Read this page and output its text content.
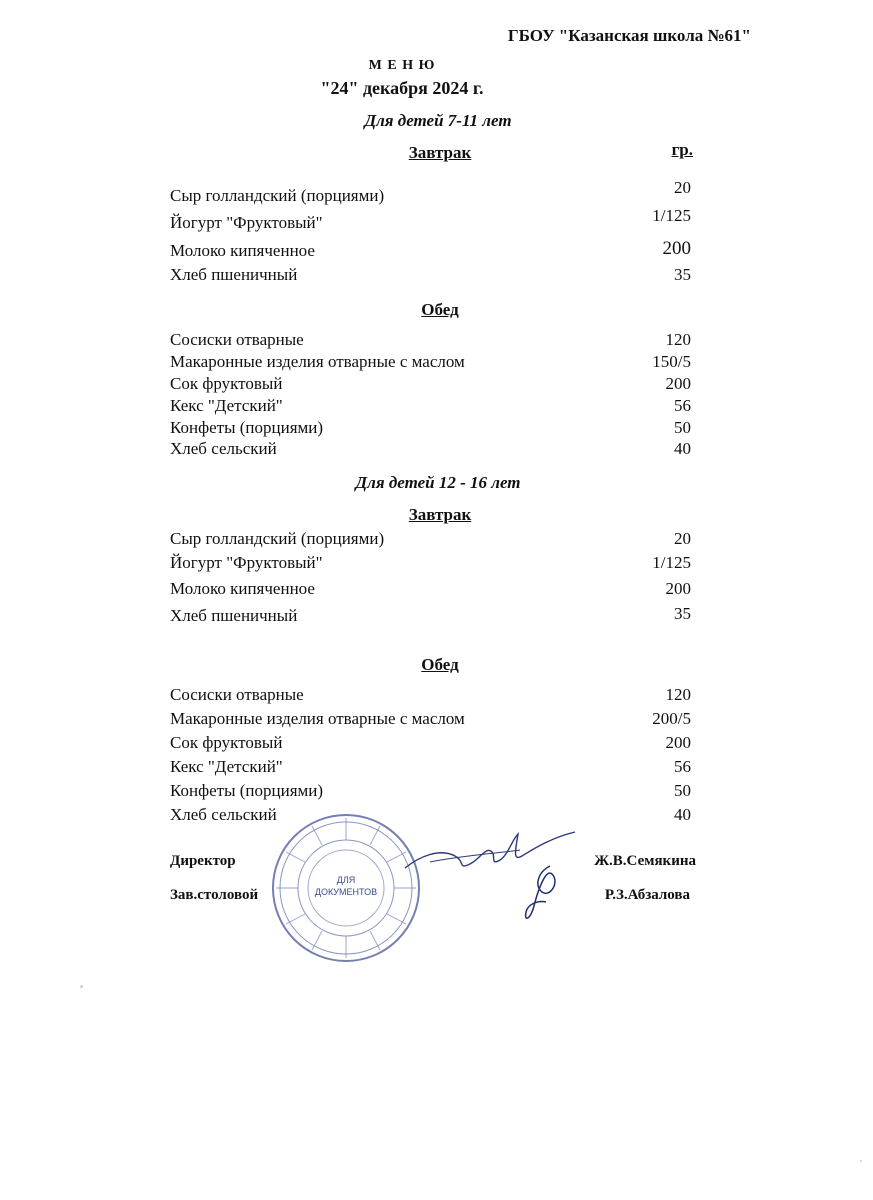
ГБОУ "Казанская школа №61"
М Е Н Ю
"24" декабря 2024 г.
Для детей 7-11 лет
Завтрак	гр.
Сыр голландский (порциями)	20
Йогурт "Фруктовый"	1/125
Молоко кипяченное	200
Хлеб пшеничный	35
Обед
Сосиски отварные	120
Макаронные изделия отварные с маслом	150/5
Сок фруктовый	200
Кекс "Детский"	56
Конфеты (порциями)	50
Хлеб сельский	40
Для детей 12 - 16 лет
Завтрак
Сыр голландский (порциями)	20
Йогурт "Фруктовый"	1/125
Молоко кипяченное	200
Хлеб пшеничный	35
Обед
Сосиски отварные	120
Макаронные изделия отварные с маслом	200/5
Сок фруктовый	200
Кекс "Детский"	56
Конфеты (порциями)	50
Хлеб сельский	40
Директор	Ж.В.Семякина
Зав.столовой	Р.З.Абзалова
ДЛЯ
ДОКУМЕНТОВ
